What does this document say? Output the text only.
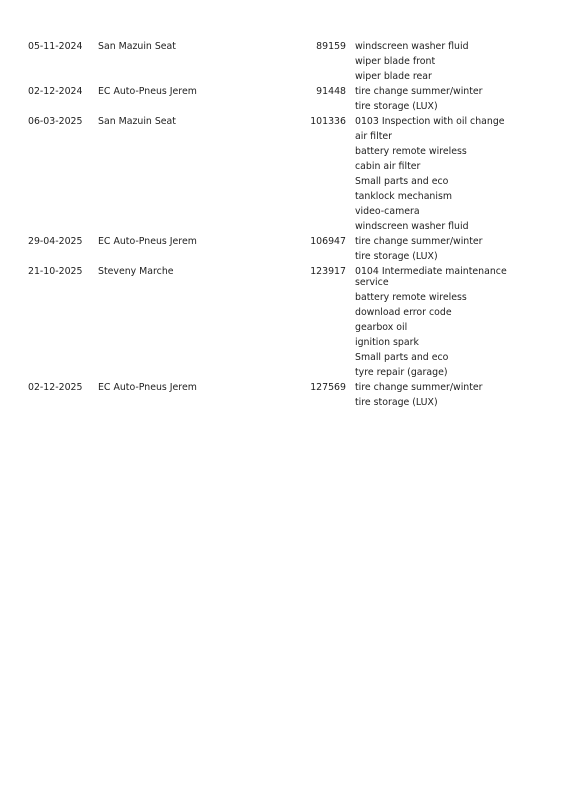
05-11-2024	San Mazuin Seat	89159 windscreen washer fluid
wiper blade front
wiper blade rear
02-12-2024	EC Auto-Pneus Jerem	91448 tire change summer/winter
tire storage (LUX)
06-03-2025	San Mazuin Seat	101336 0103 Inspection with oil change
air filter
battery remote wireless
cabin air filter
Small parts and eco
tanklock mechanism
video-camera
windscreen washer fluid
29-04-2025	EC Auto-Pneus Jerem	106947 tire change summer/winter
tire storage (LUX)
21-10-2025	Steveny Marche	123917 0104 Intermediate maintenance service
battery remote wireless
download error code
gearbox oil
ignition spark
Small parts and eco
tyre repair (garage)
02-12-2025	EC Auto-Pneus Jerem	127569 tire change summer/winter
tire storage (LUX)
